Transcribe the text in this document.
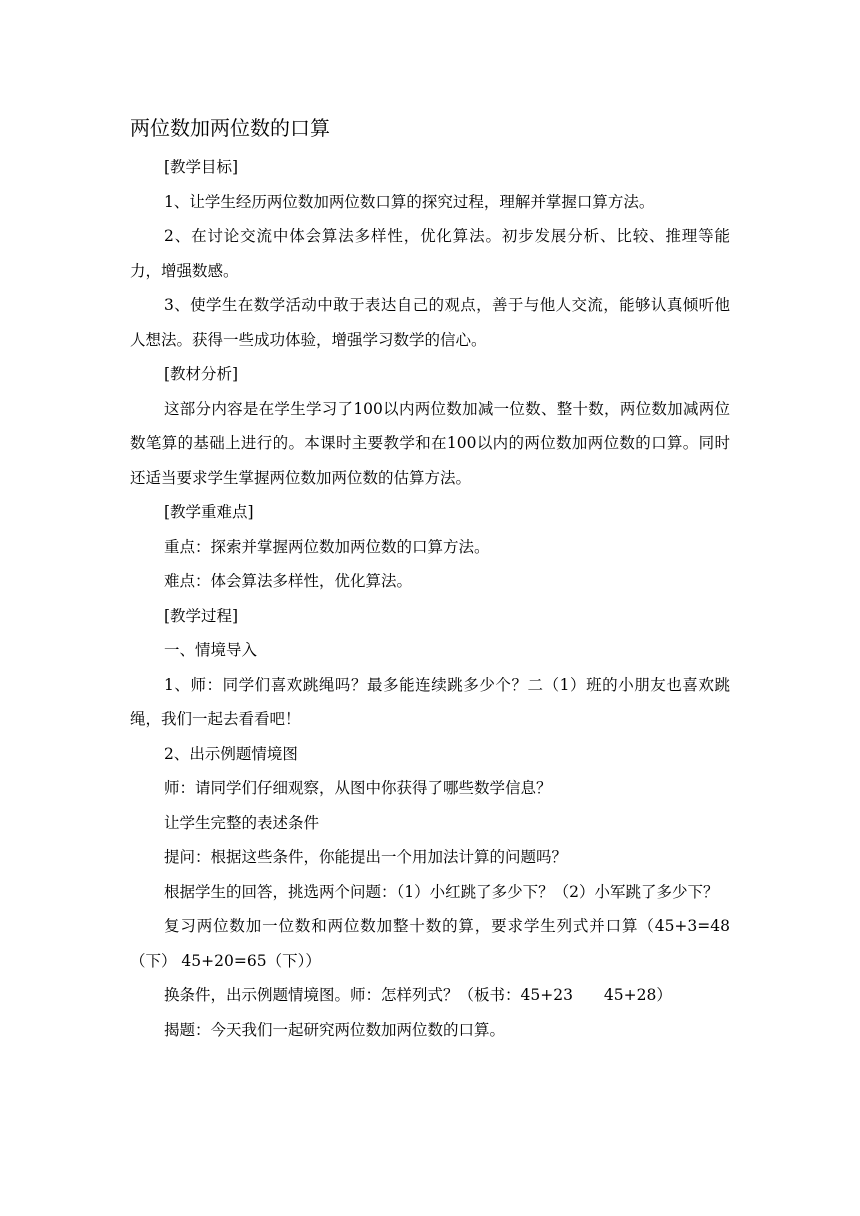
两位数加两位数的口算

[教学目标]

1、让学生经历两位数加两位数口算的探究过程，理解并掌握口算方法。

2、在讨论交流中体会算法多样性，优化算法。初步发展分析、比较、推理等能力，增强数感。

3、使学生在数学活动中敢于表达自己的观点，善于与他人交流，能够认真倾听他人想法。获得一些成功体验，增强学习数学的信心。

[教材分析]

这部分内容是在学生学习了100以内两位数加减一位数、整十数，两位数加减两位数笔算的基础上进行的。本课时主要教学和在100以内的两位数加两位数的口算。同时还适当要求学生掌握两位数加两位数的估算方法。

[教学重难点]

重点：探索并掌握两位数加两位数的口算方法。

难点：体会算法多样性，优化算法。

[教学过程]

一、情境导入

1、师：同学们喜欢跳绳吗？最多能连续跳多少个？二（1）班的小朋友也喜欢跳绳，我们一起去看看吧！

2、出示例题情境图

师：请同学们仔细观察，从图中你获得了哪些数学信息？

让学生完整的表述条件

提问：根据这些条件，你能提出一个用加法计算的问题吗？

根据学生的回答，挑选两个问题：（1）小红跳了多少下？（2）小军跳了多少下？

复习两位数加一位数和两位数加整十数的算，要求学生列式并口算（45+3=48（下） 45+20=65（下））

换条件，出示例题情境图。师：怎样列式？（板书：45+23　　45+28）

揭题：今天我们一起研究两位数加两位数的口算。
